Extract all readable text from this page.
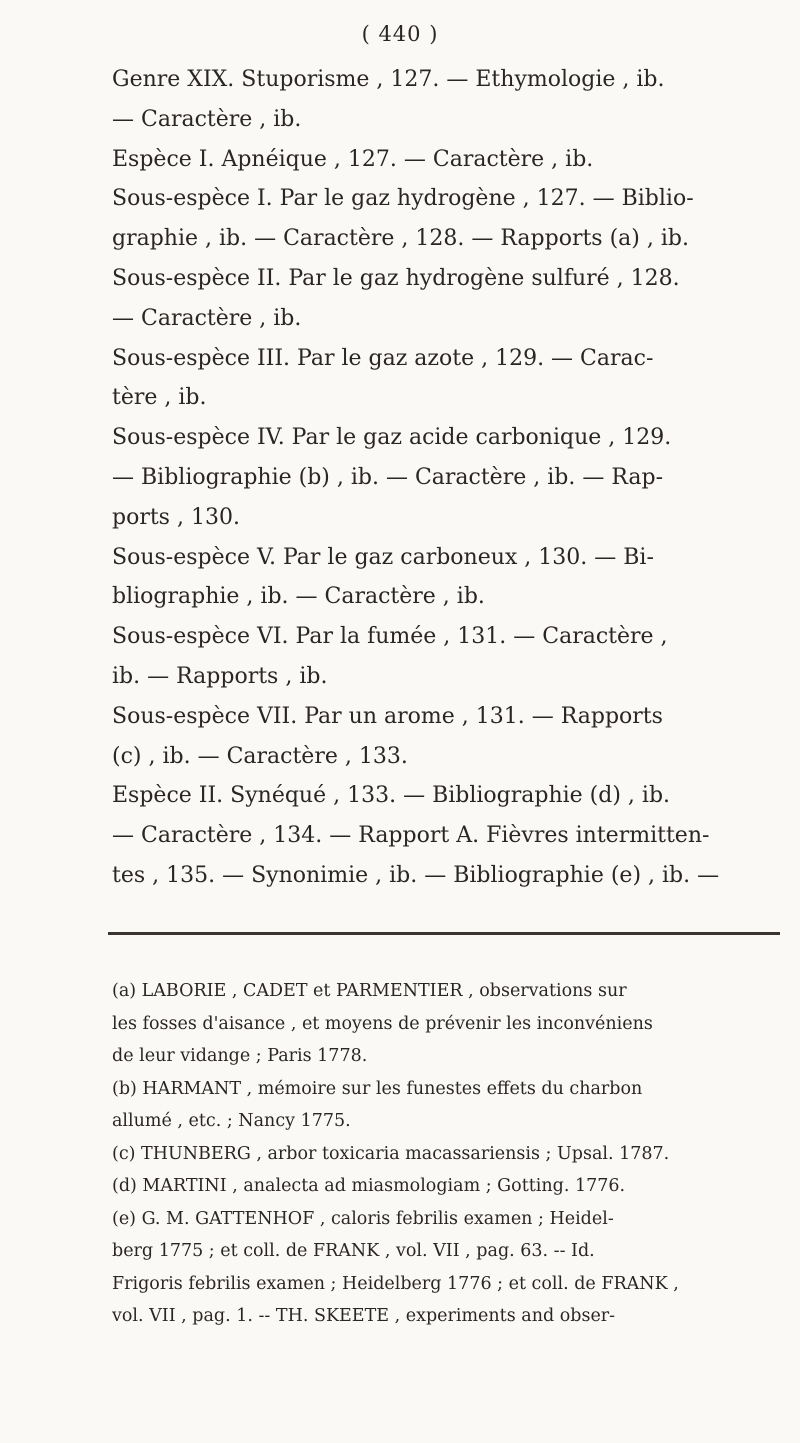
( 440 )
Genre XIX. Stuporisme , 127. — Ethymologie , ib.
— Caractère , ib.
Espèce I. Apnéique , 127. — Caractère , ib.
Sous-espèce I. Par le gaz hydrogène , 127. — Biblio-
graphie , ib. — Caractère , 128. — Rapports (a) , ib.
Sous-espèce II. Par le gaz hydrogène sulfuré , 128.
— Caractère , ib.
Sous-espèce III. Par le gaz azote , 129. — Carac-
tère , ib.
Sous-espèce IV. Par le gaz acide carbonique , 129.
— Bibliographie (b) , ib. — Caractère , ib. — Rap-
ports , 130.
Sous-espèce V. Par le gaz carboneux , 130. — Bi-
bliographie , ib. — Caractère , ib.
Sous-espèce VI. Par la fumée , 131. — Caractère ,
ib. — Rapports , ib.
Sous-espèce VII. Par un arome , 131. — Rapports
(c) , ib. — Caractère , 133.
Espèce II. Synéqué , 133. — Bibliographie (d) , ib.
— Caractère , 134. — Rapport A. Fièvres intermitten-
tes , 135. — Synonimie , ib. — Bibliographie (e) , ib. —
(a) LABORIE , CADET et PARMENTIER , observations sur
les fosses d'aisance , et moyens de prévenir les inconvéniens
de leur vidange ; Paris 1778.
(b) HARMANT , mémoire sur les funestes effets du charbon
allumé , etc. ; Nancy 1775.
(c) THUNBERG , arbor toxicaria macassariensis ; Upsal. 1787.
(d) MARTINI , analecta ad miasmologiam ; Gotting. 1776.
(e) G. M. GATTENHOF , caloris febrilis examen ; Heidel-
berg 1775 ; et coll. de FRANK , vol. VII , pag. 63. -- Id.
Frigoris febrilis examen ; Heidelberg 1776 ; et coll. de FRANK ,
vol. VII , pag. 1. -- TH. SKEETE , experiments and obser-
